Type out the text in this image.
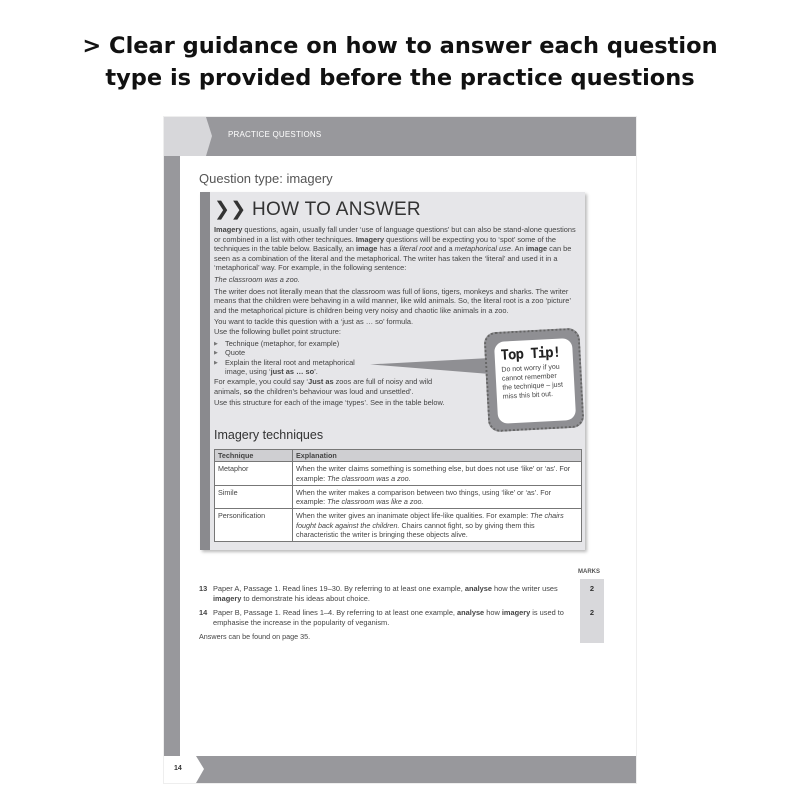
> Clear guidance on how to answer each question
type is provided before the practice questions
PRACTICE QUESTIONS
Question type: imagery
❯❯ HOW TO ANSWER

Imagery questions, again, usually fall under ‘use of language questions’ but can also be stand-alone questions or combined in a list with other techniques. Imagery questions will be expecting you to ‘spot’ some of the techniques in the table below. Basically, an image has a literal root and a metaphorical use. An image can be seen as a combination of the literal and the metaphorical. The writer has taken the ‘literal’ and used it in a ‘metaphorical’ way. For example, in the following sentence:

The classroom was a zoo.

The writer does not literally mean that the classroom was full of lions, tigers, monkeys and sharks. The writer means that the children were behaving in a wild manner, like wild animals. So, the literal root is a zoo ‘picture’ and the metaphorical picture is children being very noisy and chaotic like animals in a zoo.

You want to tackle this question with a ‘just as … so’ formula.

Use the following bullet point structure:

▶ Technique (metaphor, for example)
▶ Quote
▶ Explain the literal root and metaphorical image, using ‘just as … so’.

For example, you could say ‘Just as zoos are full of noisy and wild animals, so the children’s behaviour was loud and unsettled’.

Use this structure for each of the image ‘types’. See in the table below.

Top Tip!
Do not worry if you cannot remember the technique – just miss this bit out.
Imagery techniques
Technique	Explanation
Metaphor	When the writer claims something is something else, but does not use ‘like’ or ‘as’. For example: The classroom was a zoo.
Simile	When the writer makes a comparison between two things, using ‘like’ or ‘as’. For example: The classroom was like a zoo.
Personification	When the writer gives an inanimate object life-like qualities. For example: The chairs fought back against the children. Chairs cannot fight, so by giving them this characteristic the writer is bringing these objects alive.
MARKS
13 Paper A, Passage 1. Read lines 19–30. By referring to at least one example, analyse how the writer uses imagery to demonstrate his ideas about choice.
2
14 Paper B, Passage 1. Read lines 1–4. By referring to at least one example, analyse how imagery is used to emphasise the increase in the popularity of veganism.
2
Answers can be found on page 35.
14
